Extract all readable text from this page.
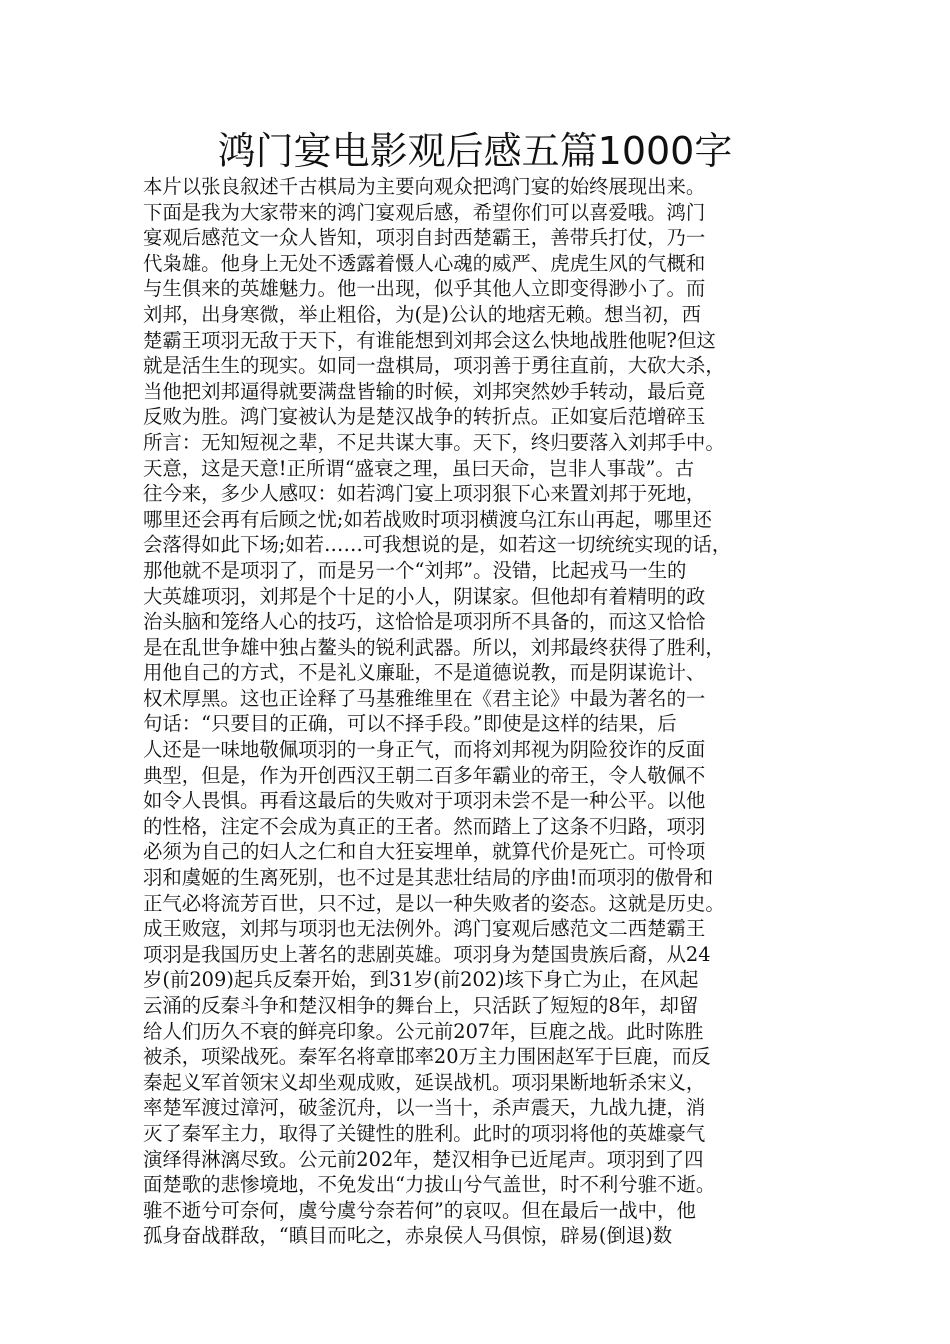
鸿门宴电影观后感五篇1000字
本片以张良叙述千古棋局为主要向观众把鸿门宴的始终展现出来。
下面是我为大家带来的鸿门宴观后感，希望你们可以喜爱哦。鸿门
宴观后感范文一众人皆知，项羽自封西楚霸王，善带兵打仗，乃一
代枭雄。他身上无处不透露着慑人心魂的威严、虎虎生风的气概和
与生俱来的英雄魅力。他一出现，似乎其他人立即变得渺小了。而
刘邦，出身寒微，举止粗俗，为(是)公认的地痞无赖。想当初，西
楚霸王项羽无敌于天下，有谁能想到刘邦会这么快地战胜他呢?但这
就是活生生的现实。如同一盘棋局，项羽善于勇往直前，大砍大杀，
当他把刘邦逼得就要满盘皆输的时候，刘邦突然妙手转动，最后竟
反败为胜。鸿门宴被认为是楚汉战争的转折点。正如宴后范增碎玉
所言：无知短视之辈，不足共谋大事。天下，终归要落入刘邦手中。
天意，这是天意!正所谓“盛衰之理，虽曰天命，岂非人事哉”。古
往今来，多少人感叹：如若鸿门宴上项羽狠下心来置刘邦于死地，
哪里还会再有后顾之忧;如若战败时项羽横渡乌江东山再起，哪里还
会落得如此下场;如若……可我想说的是，如若这一切统统实现的话，
那他就不是项羽了，而是另一个“刘邦”。没错，比起戎马一生的
大英雄项羽，刘邦是个十足的小人，阴谋家。但他却有着精明的政
治头脑和笼络人心的技巧，这恰恰是项羽所不具备的，而这又恰恰
是在乱世争雄中独占鳌头的锐利武器。所以，刘邦最终获得了胜利，
用他自己的方式，不是礼义廉耻，不是道德说教，而是阴谋诡计、
权术厚黑。这也正诠释了马基雅维里在《君主论》中最为著名的一
句话：“只要目的正确，可以不择手段。”即使是这样的结果，后
人还是一味地敬佩项羽的一身正气，而将刘邦视为阴险狡诈的反面
典型，但是，作为开创西汉王朝二百多年霸业的帝王，令人敬佩不
如令人畏惧。再看这最后的失败对于项羽未尝不是一种公平。以他
的性格，注定不会成为真正的王者。然而踏上了这条不归路，项羽
必须为自己的妇人之仁和自大狂妄埋单，就算代价是死亡。可怜项
羽和虞姬的生离死别，也不过是其悲壮结局的序曲!而项羽的傲骨和
正气必将流芳百世，只不过，是以一种失败者的姿态。这就是历史。
成王败寇，刘邦与项羽也无法例外。鸿门宴观后感范文二西楚霸王
项羽是我国历史上著名的悲剧英雄。项羽身为楚国贵族后裔，从24
岁(前209)起兵反秦开始，到31岁(前202)垓下身亡为止，在风起
云涌的反秦斗争和楚汉相争的舞台上，只活跃了短短的8年，却留
给人们历久不衰的鲜亮印象。公元前207年，巨鹿之战。此时陈胜
被杀，项梁战死。秦军名将章邯率20万主力围困赵军于巨鹿，而反
秦起义军首领宋义却坐观成败，延误战机。项羽果断地斩杀宋义，
率楚军渡过漳河，破釜沉舟，以一当十，杀声震天，九战九捷，消
灭了秦军主力，取得了关键性的胜利。此时的项羽将他的英雄豪气
演绎得淋漓尽致。公元前202年，楚汉相争已近尾声。项羽到了四
面楚歌的悲惨境地，不免发出“力拔山兮气盖世，时不利兮骓不逝。
骓不逝兮可奈何，虞兮虞兮奈若何”的哀叹。但在最后一战中，他
孤身奋战群敌，“瞋目而叱之，赤泉侯人马俱惊，辟易(倒退)数
